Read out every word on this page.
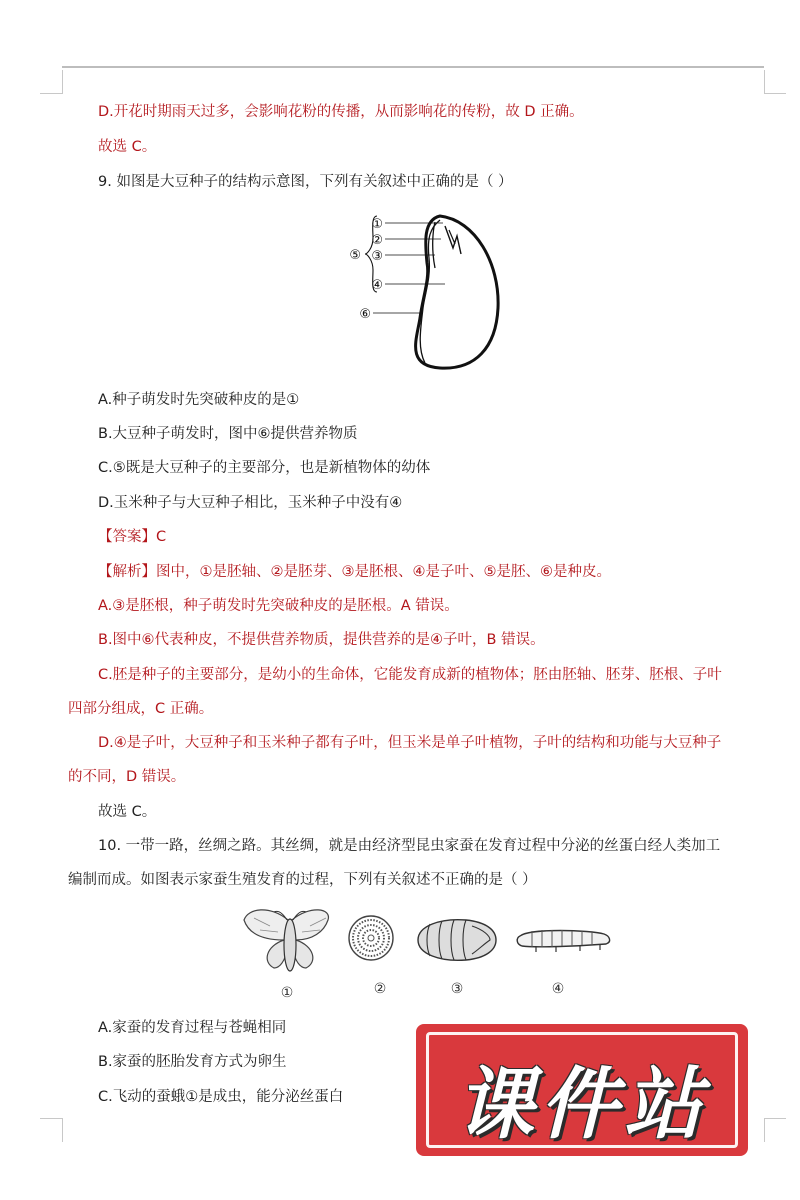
D.开花时期雨天过多，会影响花粉的传播，从而影响花的传粉，故 D 正确。
故选 C。
9. 如图是大豆种子的结构示意图，下列有关叙述中正确的是（ ）
①
②
③
④
⑤
⑥
A.种子萌发时先突破种皮的是①
B.大豆种子萌发时，图中⑥提供营养物质
C.⑤既是大豆种子的主要部分，也是新植物体的幼体
D.玉米种子与大豆种子相比，玉米种子中没有④
【答案】C
【解析】图中，①是胚轴、②是胚芽、③是胚根、④是子叶、⑤是胚、⑥是种皮。
A.③是胚根，种子萌发时先突破种皮的是胚根。A 错误。
B.图中⑥代表种皮，不提供营养物质，提供营养的是④子叶，B 错误。
C.胚是种子的主要部分，是幼小的生命体，它能发育成新的植物体；胚由胚轴、胚芽、胚根、子叶
四部分组成，C 正确。
D.④是子叶，大豆种子和玉米种子都有子叶，但玉米是单子叶植物，子叶的结构和功能与大豆种子
的不同，D 错误。
故选 C。
10. 一带一路，丝绸之路。其丝绸，就是由经济型昆虫家蚕在发育过程中分泌的丝蛋白经人类加工
编制而成。如图表示家蚕生殖发育的过程，下列有关叙述不正确的是（ ）
①	②	③	④
A.家蚕的发育过程与苍蝇相同
B.家蚕的胚胎发育方式为卵生
C.飞动的蚕蛾①是成虫，能分泌丝蛋白	课件站
